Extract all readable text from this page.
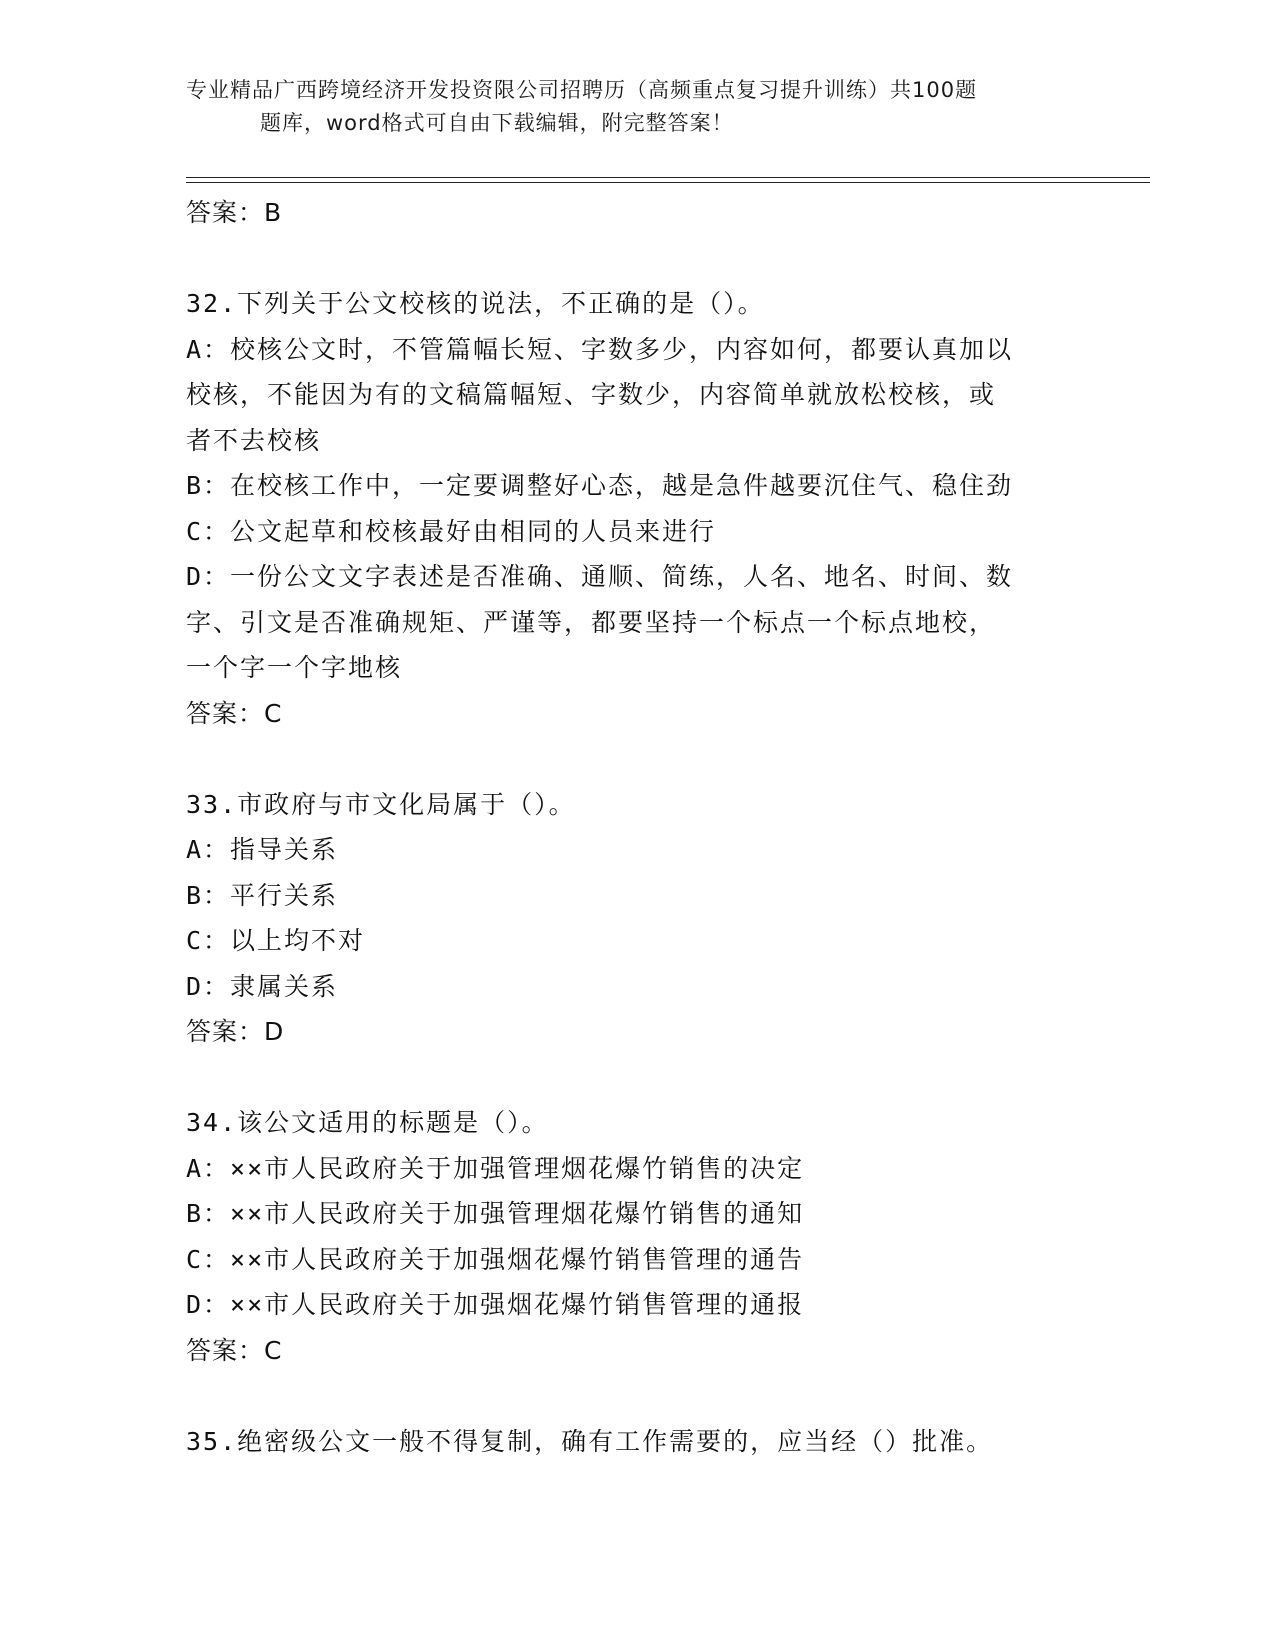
专业精品广西跨境经济开发投资限公司招聘历（高频重点复习提升训练）共100题
题库，word格式可自由下载编辑，附完整答案！
答案：B
32.下列关于公文校核的说法，不正确的是（）。
A：校核公文时，不管篇幅长短、字数多少，内容如何，都要认真加以
校核，不能因为有的文稿篇幅短、字数少，内容简单就放松校核，或
者不去校核
B：在校核工作中，一定要调整好心态，越是急件越要沉住气、稳住劲
C：公文起草和校核最好由相同的人员来进行
D：一份公文文字表述是否准确、通顺、简练，人名、地名、时间、数
字、引文是否准确规矩、严谨等，都要坚持一个标点一个标点地校，
一个字一个字地核
答案：C
33.市政府与市文化局属于（）。
A：指导关系
B：平行关系
C：以上均不对
D：隶属关系
答案：D
34.该公文适用的标题是（）。
A：××市人民政府关于加强管理烟花爆竹销售的决定
B：××市人民政府关于加强管理烟花爆竹销售的通知
C：××市人民政府关于加强烟花爆竹销售管理的通告
D：××市人民政府关于加强烟花爆竹销售管理的通报
答案：C
35.绝密级公文一般不得复制，确有工作需要的，应当经（）批准。
